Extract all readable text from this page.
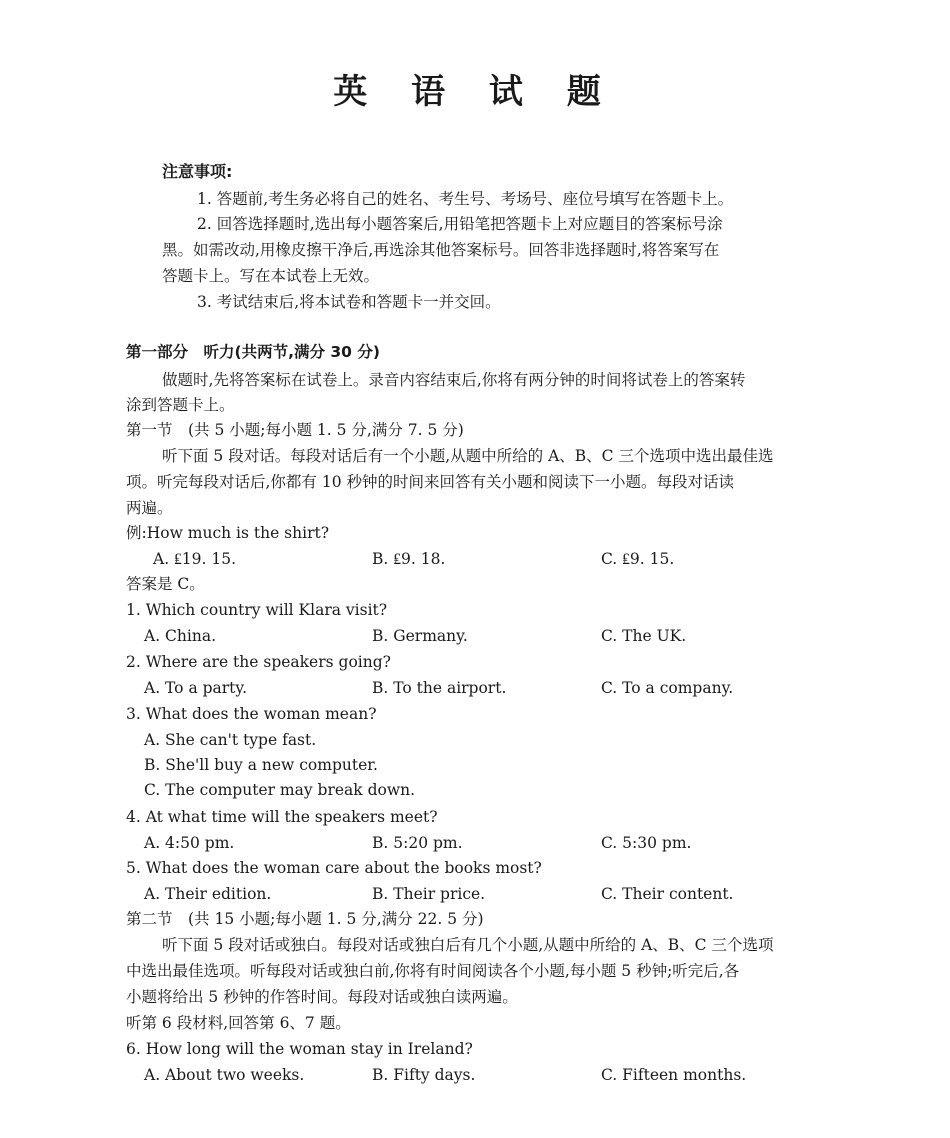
英 语 试 题
注意事项:
1. 答题前,考生务必将自己的姓名、考生号、考场号、座位号填写在答题卡上。
2. 回答选择题时,选出每小题答案后,用铅笔把答题卡上对应题目的答案标号涂
黑。如需改动,用橡皮擦干净后,再选涂其他答案标号。回答非选择题时,将答案写在
答题卡上。写在本试卷上无效。
3. 考试结束后,将本试卷和答题卡一并交回。
第一部分　听力(共两节,满分 30 分)
做题时,先将答案标在试卷上。录音内容结束后,你将有两分钟的时间将试卷上的答案转
涂到答题卡上。
第一节　(共 5 小题;每小题 1. 5 分,满分 7. 5 分)
听下面 5 段对话。每段对话后有一个小题,从题中所给的 A、B、C 三个选项中选出最佳选
项。听完每段对话后,你都有 10 秒钟的时间来回答有关小题和阅读下一小题。每段对话读
两遍。
例:How much is the shirt?
A. ₤19. 15.	B. ₤9. 18.	C. ₤9. 15.
答案是 C。
1. Which country will Klara visit?
A. China.	B. Germany.	C. The UK.
2. Where are the speakers going?
A. To a party.	B. To the airport.	C. To a company.
3. What does the woman mean?
A. She can't type fast.
B. She'll buy a new computer.
C. The computer may break down.
4. At what time will the speakers meet?
A. 4:50 pm.	B. 5:20 pm.	C. 5:30 pm.
5. What does the woman care about the books most?
A. Their edition.	B. Their price.	C. Their content.
第二节　(共 15 小题;每小题 1. 5 分,满分 22. 5 分)
听下面 5 段对话或独白。每段对话或独白后有几个小题,从题中所给的 A、B、C 三个选项
中选出最佳选项。听每段对话或独白前,你将有时间阅读各个小题,每小题 5 秒钟;听完后,各
小题将给出 5 秒钟的作答时间。每段对话或独白读两遍。
听第 6 段材料,回答第 6、7 题。
6. How long will the woman stay in Ireland?
A. About two weeks.	B. Fifty days.	C. Fifteen months.
